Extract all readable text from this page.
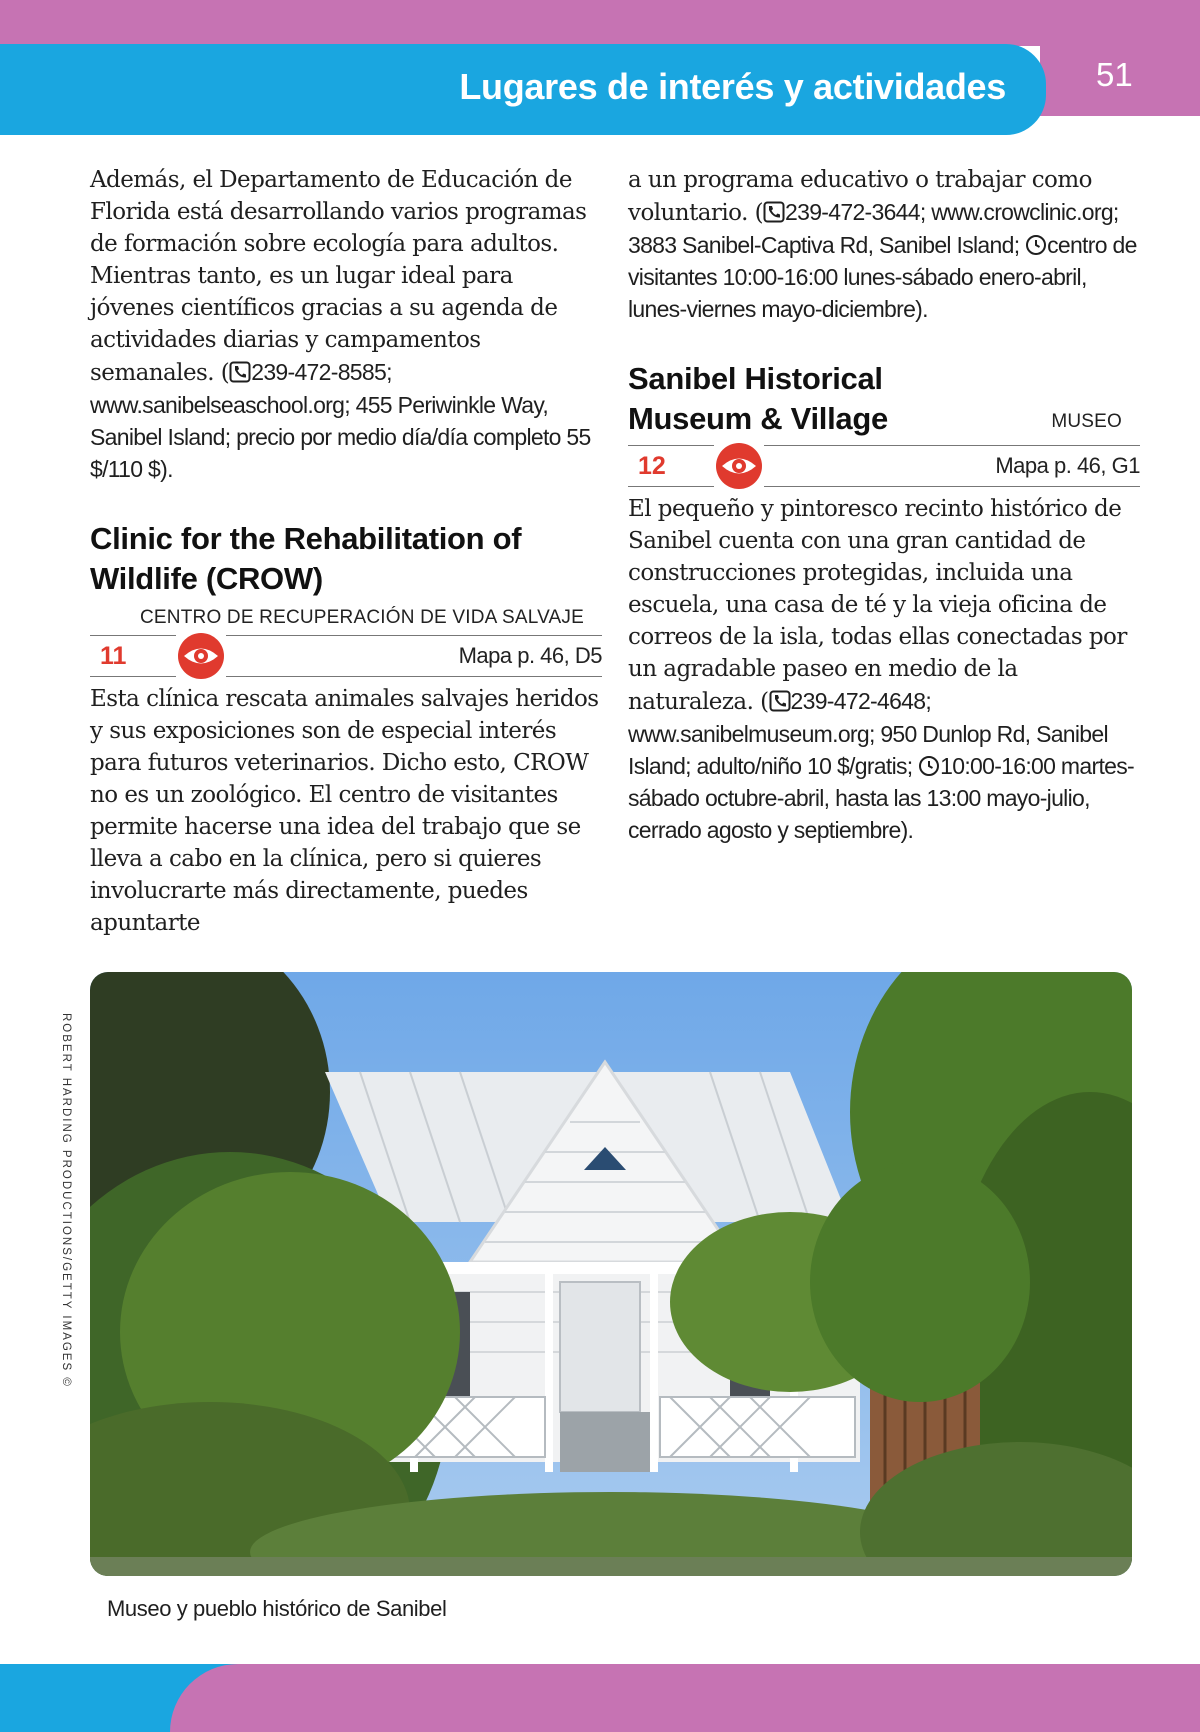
Lugares de interés y actividades	51

Además, el Departamento de Educación de Florida está desarrollando varios programas de formación sobre ecología para adultos. Mientras tanto, es un lugar ideal para jóvenes científicos gracias a su agenda de actividades diarias y campamentos semanales. ( 239-472-8585; www.sanibelseaschool.org; 455 Periwinkle Way, Sanibel Island; precio por medio día/día completo 55 $/110 $).

Clinic for the Rehabilitation of Wildlife (CROW)
CENTRO DE RECUPERACIÓN DE VIDA SALVAJE
11	Mapa p. 46, D5

Esta clínica rescata animales salvajes heridos y sus exposiciones son de especial interés para futuros veterinarios. Dicho esto, CROW no es un zoológico. El centro de visitantes permite hacerse una idea del trabajo que se lleva a cabo en la clínica, pero si quieres involucrarte más directamente, puedes apuntarte

a un programa educativo o trabajar como voluntario. ( 239-472-3644; www.crowclinic.org; 3883 Sanibel-Captiva Rd, Sanibel Island; centro de visitantes 10:00-16:00 lunes-sábado enero-abril, lunes-viernes mayo-diciembre).

Sanibel Historical
Museum & Village	MUSEO
12	Mapa p. 46, G1

El pequeño y pintoresco recinto histórico de Sanibel cuenta con una gran cantidad de construcciones protegidas, incluida una escuela, una casa de té y la vieja oficina de correos de la isla, todas ellas conectadas por un agradable paseo en medio de la naturaleza. ( 239-472-4648; www.sanibelmuseum.org; 950 Dunlop Rd, Sanibel Island; adulto/niño 10 $/gratis; 10:00-16:00 martes-sábado octubre-abril, hasta las 13:00 mayo-julio, cerrado agosto y septiembre).

ROBERT HARDING PRODUCTIONS/GETTY IMAGES ©
Museo y pueblo histórico de Sanibel
